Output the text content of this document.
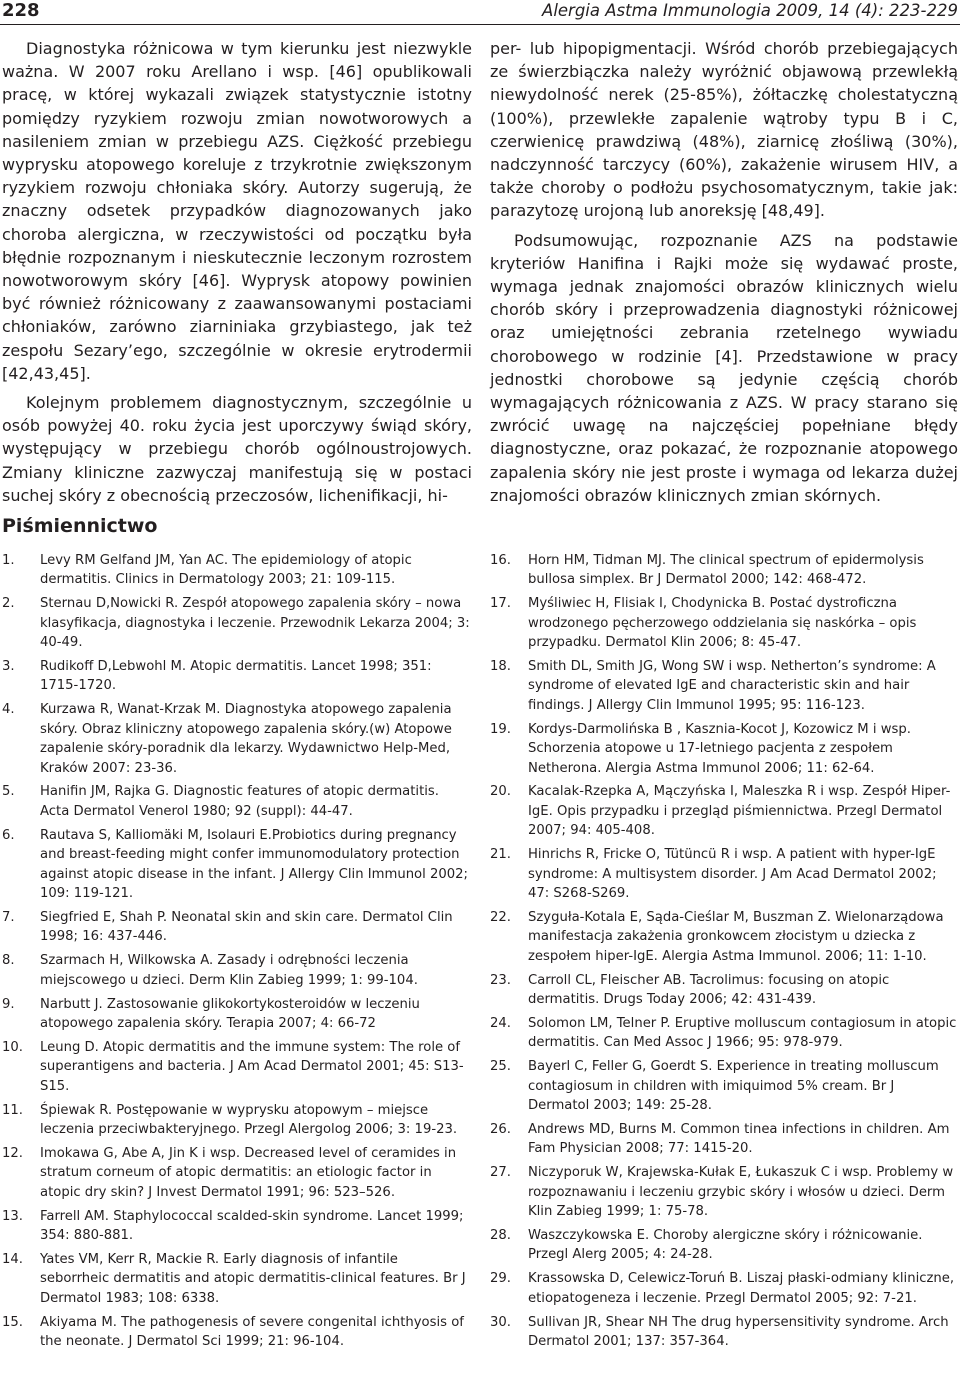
228	Alergia Astma Immunologia 2009, 14 (4): 223-229

Diagnostyka różnicowa w tym kierunku jest niezwykle ważna. W 2007 roku Arellano i wsp. [46] opublikowali pracę, w której wykazali związek statystycznie istotny pomiędzy ryzykiem rozwoju zmian nowotworowych a nasileniem zmian w przebiegu AZS. Ciężkość przebiegu wyprysku atopowego koreluje z trzykrotnie zwiększonym ryzykiem rozwoju chłoniaka skóry. Autorzy sugerują, że znaczny odsetek przypadków diagnozowanych jako choroba alergiczna, w rzeczywistości od początku była błędnie rozpoznanym i nieskutecznie leczonym rozrostem nowotworowym skóry [46]. Wyprysk atopowy powinien być również różnicowany z zaawansowanymi postaciami chłoniaków, zarówno ziarniniaka grzybiastego, jak też zespołu Sezary’ego, szczególnie w okresie erytrodermii [42,43,45].

Kolejnym problemem diagnostycznym, szczególnie u osób powyżej 40. roku życia jest uporczywy świąd skóry, występujący w przebiegu chorób ogólnoustrojowych. Zmiany kliniczne zazwyczaj manifestują się w postaci suchej skóry z obecnością przeczosów, lichenifikacji, hi-

per- lub hipopigmentacji. Wśród chorób przebiegających ze świerzbiączka należy wyróżnić objawową przewlekłą niewydolność nerek (25-85%), żółtaczkę cholestatyczną (100%), przewlekłe zapalenie wątroby typu B i C, czerwienicę prawdziwą (48%), ziarnicę złośliwą (30%), nadczynność tarczycy (60%), zakażenie wirusem HIV, a także choroby o podłożu psychosomatycznym, takie jak: parazytozę urojoną lub anoreksję [48,49].

Podsumowując, rozpoznanie AZS na podstawie kryteriów Hanifina i Rajki może się wydawać proste, wymaga jednak znajomości obrazów klinicznych wielu chorób skóry i przeprowadzenia diagnostyki różnicowej oraz umiejętności zebrania rzetelnego wywiadu chorobowego w rodzinie [4]. Przedstawione w pracy jednostki chorobowe są jedynie częścią chorób wymagających różnicowania z AZS. W pracy starano się zwrócić uwagę na najczęściej popełniane błędy diagnostyczne, oraz pokazać, że rozpoznanie atopowego zapalenia skóry nie jest proste i wymaga od lekarza dużej znajomości obrazów klinicznych zmian skórnych.

Piśmiennictwo
1.	Levy RM Gelfand JM, Yan AC. The epidemiology of atopic dermatitis. Clinics in Dermatology 2003; 21: 109-115.
2.	Sternau D,Nowicki R. Zespół atopowego zapalenia skóry – nowa klasyfikacja, diagnostyka i leczenie. Przewodnik Lekarza 2004; 3: 40-49.
3.	Rudikoff D,Lebwohl M. Atopic dermatitis. Lancet 1998; 351: 1715-1720.
4.	Kurzawa R, Wanat-Krzak M. Diagnostyka atopowego zapalenia skóry. Obraz kliniczny atopowego zapalenia skóry.(w) Atopowe zapalenie skóry-poradnik dla lekarzy. Wydawnictwo Help-Med, Kraków 2007: 23-36.
5.	Hanifin JM, Rajka G. Diagnostic features of atopic dermatitis. Acta Dermatol Venerol 1980; 92 (suppl): 44-47.
6.	Rautava S, Kalliomäki M, Isolauri E.Probiotics during pregnancy and breast-feeding might confer immunomodulatory protection against atopic disease in the infant. J Allergy Clin Immunol 2002; 109: 119-121.
7.	Siegfried E, Shah P. Neonatal skin and skin care. Dermatol Clin 1998; 16: 437-446.
8.	Szarmach H, Wilkowska A. Zasady i odrębności leczenia miejscowego u dzieci. Derm Klin Zabieg 1999; 1: 99-104.
9.	Narbutt J. Zastosowanie glikokortykosteroidów w leczeniu atopowego zapalenia skóry. Terapia 2007; 4: 66-72
10.	Leung D. Atopic dermatitis and the immune system: The role of superantigens and bacteria. J Am Acad Dermatol 2001; 45: S13-S15.
11.	Śpiewak R. Postępowanie w wyprysku atopowym – miejsce leczenia przeciwbakteryjnego. Przegl Alergolog 2006; 3: 19-23.
12.	Imokawa G, Abe A, Jin K i wsp. Decreased level of ceramides in stratum corneum of atopic dermatitis: an etiologic factor in atopic dry skin? J Invest Dermatol 1991; 96: 523–526.
13.	Farrell AM. Staphylococcal scalded-skin syndrome. Lancet 1999; 354: 880-881.
14.	Yates VM, Kerr R, Mackie R. Early diagnosis of infantile seborrheic dermatitis and atopic dermatitis-clinical features. Br J Dermatol 1983; 108: 6338.
15.	Akiyama M. The pathogenesis of severe congenital ichthyosis of the neonate. J Dermatol Sci 1999; 21: 96-104.
16.	Horn HM, Tidman MJ. The clinical spectrum of epidermolysis bullosa simplex. Br J Dermatol 2000; 142: 468-472.
17.	Myśliwiec H, Flisiak I, Chodynicka B. Postać dystroficzna wrodzonego pęcherzowego oddzielania się naskórka – opis przypadku. Dermatol Klin 2006; 8: 45-47.
18.	Smith DL, Smith JG, Wong SW i wsp. Netherton’s syndrome: A syndrome of elevated IgE and characteristic skin and hair findings. J Allergy Clin Immunol 1995; 95: 116-123.
19.	Kordys-Darmolińska B , Kasznia-Kocot J, Kozowicz M i wsp. Schorzenia atopowe u 17-letniego pacjenta z zespołem Netherona. Alergia Astma Immunol 2006; 11: 62-64.
20.	Kacalak-Rzepka A, Mączyńska I, Maleszka R i wsp. Zespół Hiper-IgE. Opis przypadku i przegląd piśmiennictwa. Przegl Dermatol 2007; 94: 405-408.
21.	Hinrichs R, Fricke O, Tütüncü R i wsp. A patient with hyper-IgE syndrome: A multisystem disorder. J Am Acad Dermatol 2002; 47: S268-S269.
22.	Szyguła-Kotala E, Sąda-Cieślar M, Buszman Z. Wielonarządowa manifestacja zakażenia gronkowcem złocistym u dziecka z zespołem hiper-IgE. Alergia Astma Immunol. 2006; 11: 1-10.
23.	Carroll CL, Fleischer AB. Tacrolimus: focusing on atopic dermatitis. Drugs Today 2006; 42: 431-439.
24.	Solomon LM, Telner P. Eruptive molluscum contagiosum in atopic dermatitis. Can Med Assoc J 1966; 95: 978-979.
25.	Bayerl C, Feller G, Goerdt S. Experience in treating molluscum contagiosum in children with imiquimod 5% cream. Br J Dermatol 2003; 149: 25-28.
26.	Andrews MD, Burns M. Common tinea infections in children. Am Fam Physician 2008; 77: 1415-20.
27.	Niczyporuk W, Krajewska-Kułak E, Łukaszuk C i wsp. Problemy w rozpoznawaniu i leczeniu grzybic skóry i włosów u dzieci. Derm Klin Zabieg 1999; 1: 75-78.
28.	Waszczykowska E. Choroby alergiczne skóry i różnicowanie. Przegl Alerg 2005; 4: 24-28.
29.	Krassowska D, Celewicz-Toruń B. Liszaj płaski-odmiany kliniczne, etiopatogeneza i leczenie. Przegl Dermatol 2005; 92: 7-21.
30.	Sullivan JR, Shear NH The drug hypersensitivity syndrome. Arch Dermatol 2001; 137: 357-364.
